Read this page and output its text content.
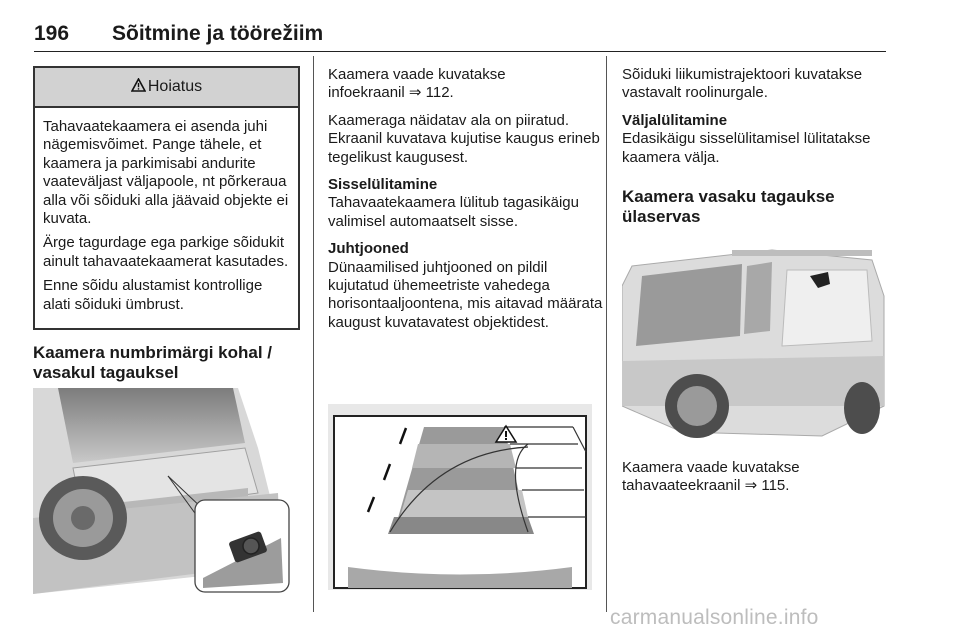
196 Sõitmine ja töörežiim
Hoiatus

Tahavaatekaamera ei asenda juhi nägemisvõimet. Pange tähele, et kaamera ja parkimisabi andurite vaateväljast väljapoole, nt põrkeraua alla või sõiduki alla jäävaid objekte ei kuvata.

Ärge tagurdage ega parkige sõidukit ainult tahavaatekaamerat kasutades.

Enne sõidu alustamist kontrollige alati sõiduki ümbrust.

Kaamera numbrimärgi kohal / vasakul tagauksel

Kaamera vaade kuvatakse
infoekraanil ⇒ 112.

Kaameraga näidatav ala on piiratud. Ekraanil kuvatava kujutise kaugus erineb tegelikust kaugusest.

Sisselülitamine

Tahavaatekaamera lülitub tagasikäigu valimisel automaatselt sisse.

Juhtjooned

Dünaamilised juhtjooned on pildil kujutatud ühemeetriste vahedega horisontaaljoontena, mis aitavad määrata kaugust kuvatavatest objektidest.

Sõiduki liikumistrajektoori kuvatakse vastavalt roolinurgale.

Väljalülitamine

Edasikäigu sisselülitamisel lülitatakse kaamera välja.

Kaamera vasaku tagaukse ülaservas

Kaamera vaade kuvatakse
tahavaateekraanil ⇒ 115.

carmanualsonline.info
